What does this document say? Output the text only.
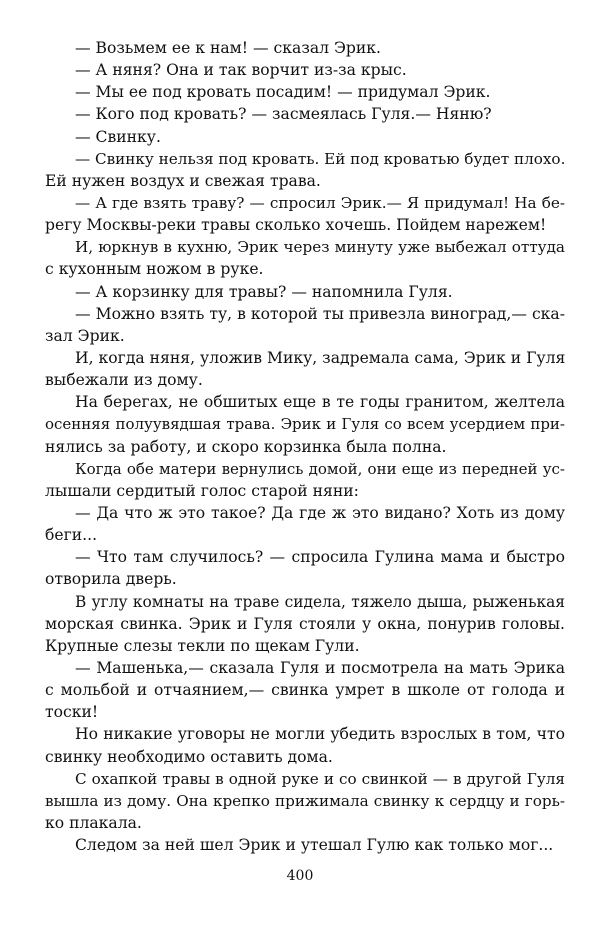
— Возьмем ее к нам! — сказал Эрик.
— А няня? Она и так ворчит из-за крыс.
— Мы ее под кровать посадим! — придумал Эрик.
— Кого под кровать? — засмеялась Гуля.— Няню?
— Свинку.
— Свинку нельзя под кровать. Ей под кроватью будет плохо.
Ей нужен воздух и свежая трава.
— А где взять траву? — спросил Эрик.— Я придумал! На бе-
регу Москвы-реки травы сколько хочешь. Пойдем нарежем!
И, юркнув в кухню, Эрик через минуту уже выбежал оттуда
с кухонным ножом в руке.
— А корзинку для травы? — напомнила Гуля.
— Можно взять ту, в которой ты привезла виноград,— ска-
зал Эрик.
И, когда няня, уложив Мику, задремала сама, Эрик и Гуля
выбежали из дому.
На берегах, не обшитых еще в те годы гранитом, желтела
осенняя полуувядшая трава. Эрик и Гуля со всем усердием при-
нялись за работу, и скоро корзинка была полна.
Когда обе матери вернулись домой, они еще из передней ус-
лышали сердитый голос старой няни:
— Да что ж это такое? Да где ж это видано? Хоть из дому
беги...
— Что там случилось? — спросила Гулина мама и быстро
отворила дверь.
В углу комнаты на траве сидела, тяжело дыша, рыженькая
морская свинка. Эрик и Гуля стояли у окна, понурив головы.
Крупные слезы текли по щекам Гули.
— Машенька,— сказала Гуля и посмотрела на мать Эрика
с мольбой и отчаянием,— свинка умрет в школе от голода и
тоски!
Но никакие уговоры не могли убедить взрослых в том, что
свинку необходимо оставить дома.
С охапкой травы в одной руке и со свинкой — в другой Гуля
вышла из дому. Она крепко прижимала свинку к сердцу и горь-
ко плакала.
Следом за ней шел Эрик и утешал Гулю как только мог...
400
